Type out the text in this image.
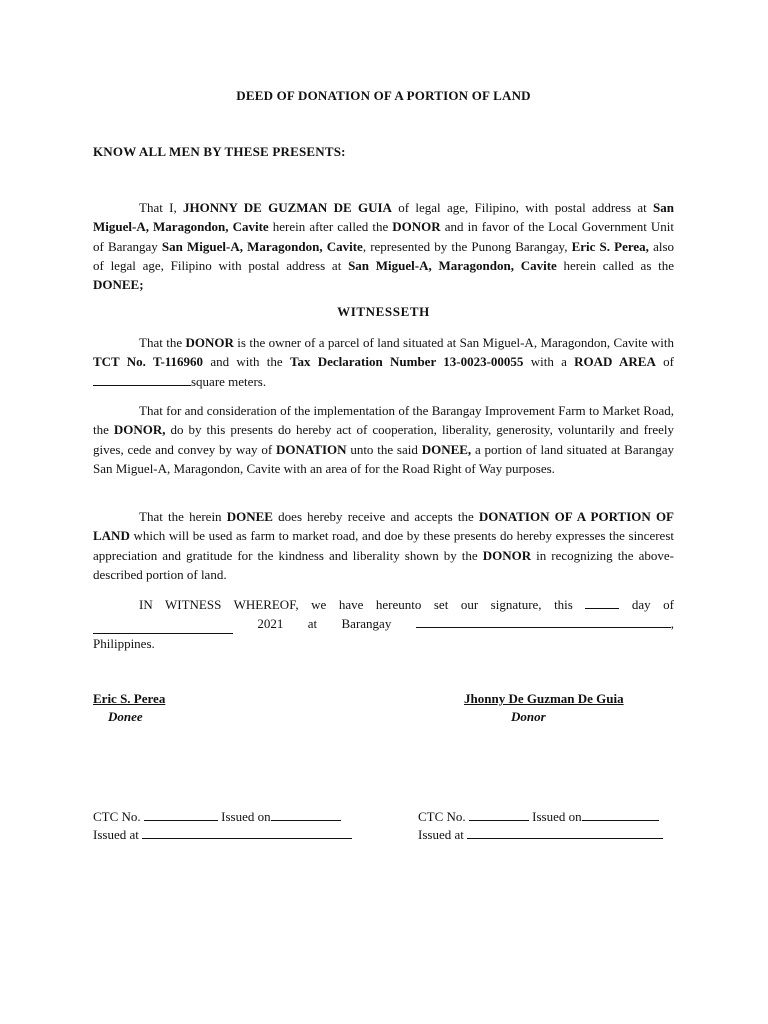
DEED OF DONATION OF A PORTION OF LAND
KNOW ALL MEN BY THESE PRESENTS:

That I, JHONNY DE GUZMAN DE GUIA of legal age, Filipino, with postal address at San Miguel-A, Maragondon, Cavite herein after called the DONOR and in favor of the Local Government Unit of Barangay San Miguel-A, Maragondon, Cavite, represented by the Punong Barangay, Eric S. Perea, also of legal age, Filipino with postal address at San Miguel-A, Maragondon, Cavite herein called as the DONEE;

WITNESSETH

That the DONOR is the owner of a parcel of land situated at San Miguel-A, Maragondon, Cavite with TCT No. T-116960 and with the Tax Declaration Number 13-0023-00055 with a ROAD AREA of square meters.

That for and consideration of the implementation of the Barangay Improvement Farm to Market Road, the DONOR, do by this presents do hereby act of cooperation, liberality, generosity, voluntarily and freely gives, cede and convey by way of DONATION unto the said DONEE, a portion of land situated at Barangay San Miguel-A, Maragondon, Cavite with an area of for the Road Right of Way purposes.

That the herein DONEE does hereby receive and accepts the DONATION OF A PORTION OF LAND which will be used as farm to market road, and doe by these presents do hereby expresses the sincerest appreciation and gratitude for the kindness and liberality shown by the DONOR in recognizing the above-described portion of land.

IN WITNESS WHEREOF, we have hereunto set our signature, this	day of
2021 at Barangay	,
Philippines.
Eric S. Perea
Donee
Jhonny De Guzman De Guia
Donor
CTC No.	Issued on
Issued at
CTC No.	Issued on
Issued at
